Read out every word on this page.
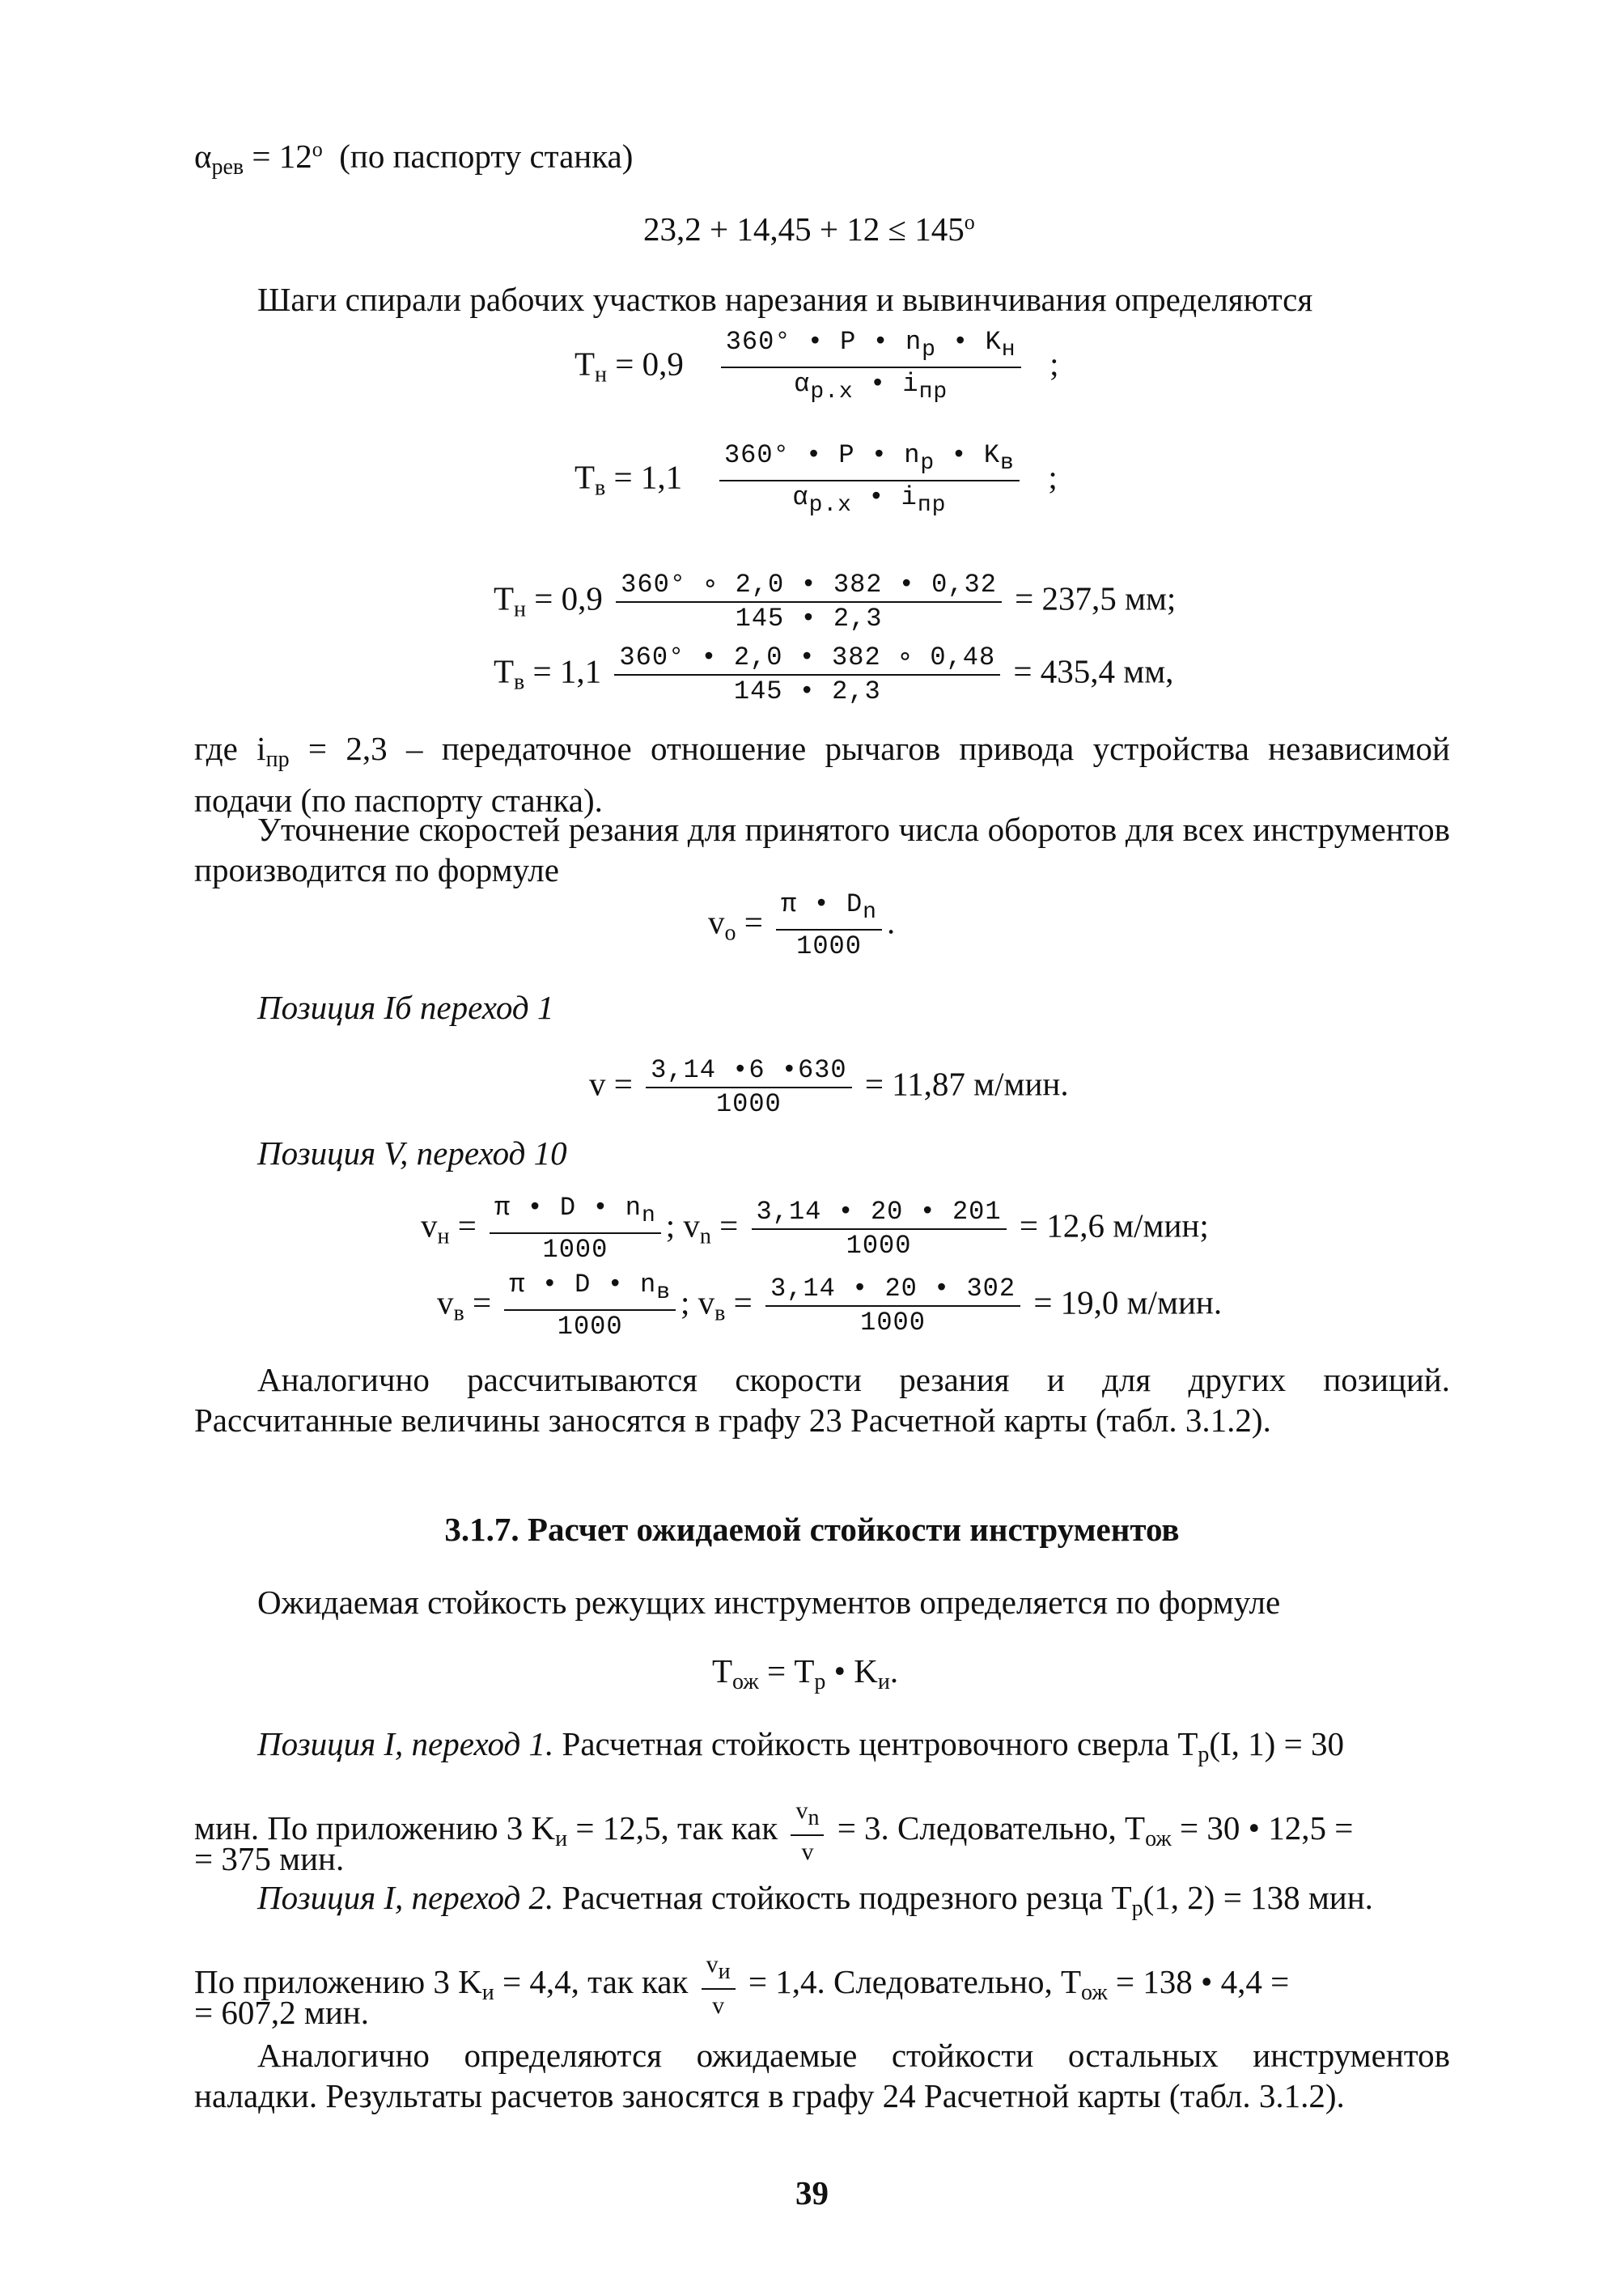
$\alpha_{рев} = 12^o$ (по паспорту станка)
$23,2 + 14,45 + 12 \le 145^o$
Шаги спирали рабочих участков нарезания и вывинчивания определяются
$T_н = 0,9 \frac{360^\circ • P • n_р • K_н}{\alpha_{р.х} • i_{пр}}$ ;
$T_в = 1,1 \frac{360^\circ • P • n_р • K_в}{\alpha_{р.х} • i_{пр}}$ ;
$T_н = 0,9 \frac{360^\circ \circ 2,0 • 382 • 0,32}{145 • 2,3} = 237,5$ мм;
$T_в = 1,1 \frac{360^\circ • 2,0 • 382 \circ 0,48}{145 • 2,3} = 435,4$ мм,
где $i_{пр} = 2,3$ – передаточное отношение рычагов привода устройства независимой подачи (по паспорту станка).
Уточнение скоростей резания для принятого числа оборотов для всех инструментов производится по формуле
$v_о = \frac{\pi • D_n}{1000}$ .
Позиция Iб переход 1
$v = \frac{3,14 •6 •630}{1000} = 11,87$ м/мин.
Позиция V, переход 10
$v_н = \frac{\pi • D • n_n}{1000}$ ; $v_n = \frac{3,14 • 20 • 201}{1000} = 12,6$ м/мин;
$v_в = \frac{\pi • D • n_в}{1000}$ ; $v_в = \frac{3,14 • 20 • 302}{1000} = 19,0$ м/мин.
Аналогично рассчитываются скорости резания и для других позиций. Рассчитанные величины заносятся в графу 23 Расчетной карты (табл. 3.1.2).
3.1.7. Расчет ожидаемой стойкости инструментов
Ожидаемая стойкость режущих инструментов определяется по формуле
$T_{ож} = T_р$ • $K_и$.
Позиция I, переход 1. Расчетная стойкость центровочного сверла $T_р(I$, 1) = 30
мин. По приложению 3 $K_и = 12,5$, так как $\frac{v_n}{v} = 3$. Следовательно, $T_{ож} = 30$ • 12,5 =
= 375 мин.
Позиция I, переход 2. Расчетная стойкость подрезного резца $T_р(1$, 2) = 138 мин.
По приложению 3 $K_и = 4,4$, так как $\frac{v_и}{v} = 1,4$. Следовательно, $T_{ож} = 138$ • 4,4 =
= 607,2 мин.
Аналогично определяются ожидаемые стойкости остальных инструментов наладки. Результаты расчетов заносятся в графу 24 Расчетной карты (табл. 3.1.2).
39
